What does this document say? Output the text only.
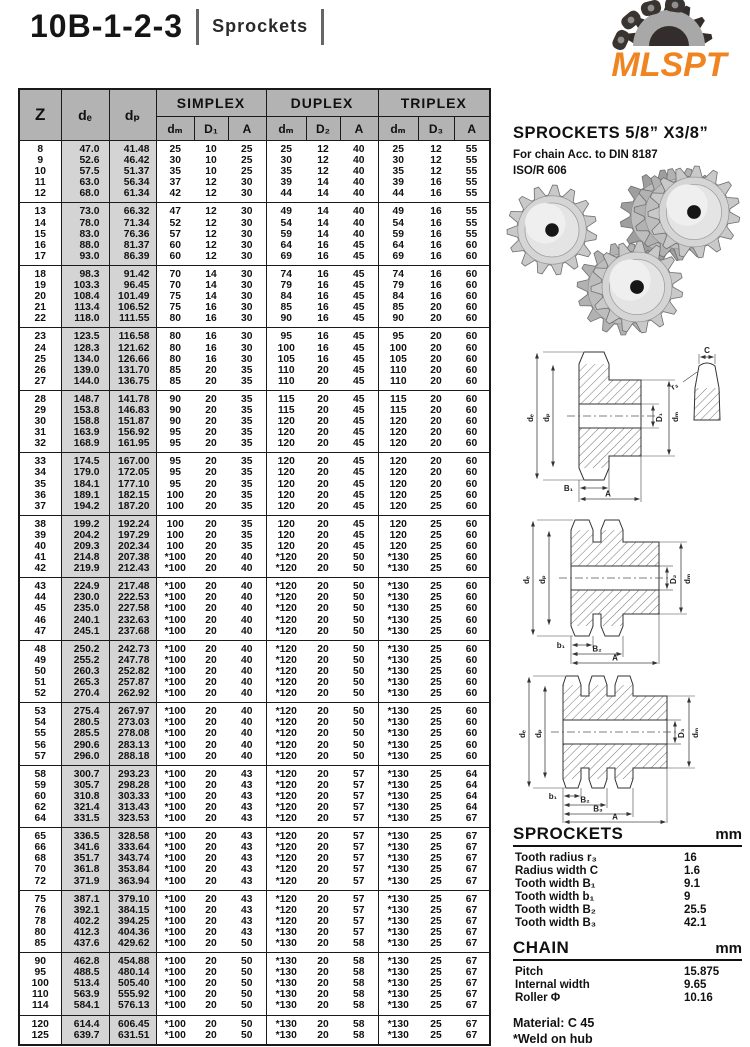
10B-1-2-3 Sprockets
MLSPT
Z	dₑ	dₚ	SIMPLEX			DUPLEX			TRIPLEX		
			dₘ	D₁	A	dₘ	D₂	A	dₘ	D₃	A
8	47.0	41.48	25	10	25	25	12	40	25	12	55
9	52.6	46.42	30	10	25	30	12	40	30	12	55
10	57.5	51.37	35	10	25	35	12	40	35	12	55
11	63.0	56.34	37	12	30	39	14	40	39	16	55
12	68.0	61.34	42	12	30	44	14	40	44	16	55
13	73.0	66.32	47	12	30	49	14	40	49	16	55
14	78.0	71.34	52	12	30	54	14	40	54	16	55
15	83.0	76.36	57	12	30	59	14	40	59	16	55
16	88.0	81.37	60	12	30	64	16	45	64	16	60
17	93.0	86.39	60	12	30	69	16	45	69	16	60
18	98.3	91.42	70	14	30	74	16	45	74	16	60
19	103.3	96.45	70	14	30	79	16	45	79	16	60
20	108.4	101.49	75	14	30	84	16	45	84	16	60
21	113.4	106.52	75	16	30	85	16	45	85	20	60
22	118.0	111.55	80	16	30	90	16	45	90	20	60
23	123.5	116.58	80	16	30	95	16	45	95	20	60
24	128.3	121.62	80	16	30	100	16	45	100	20	60
25	134.0	126.66	80	16	30	105	16	45	105	20	60
26	139.0	131.70	85	20	35	110	20	45	110	20	60
27	144.0	136.75	85	20	35	110	20	45	110	20	60
28	148.7	141.78	90	20	35	115	20	45	115	20	60
29	153.8	146.83	90	20	35	115	20	45	115	20	60
30	158.8	151.87	90	20	35	120	20	45	120	20	60
31	163.9	156.92	95	20	35	120	20	45	120	20	60
32	168.9	161.95	95	20	35	120	20	45	120	20	60
33	174.5	167.00	95	20	35	120	20	45	120	20	60
34	179.0	172.05	95	20	35	120	20	45	120	20	60
35	184.1	177.10	95	20	35	120	20	45	120	20	60
36	189.1	182.15	100	20	35	120	20	45	120	25	60
37	194.2	187.20	100	20	35	120	20	45	120	25	60
38	199.2	192.24	100	20	35	120	20	45	120	25	60
39	204.2	197.29	100	20	35	120	20	45	120	25	60
40	209.3	202.34	100	20	35	120	20	45	120	25	60
41	214.8	207.38	*100	20	40	*120	20	50	*130	25	60
42	219.9	212.43	*100	20	40	*120	20	50	*130	25	60
43	224.9	217.48	*100	20	40	*120	20	50	*130	25	60
44	230.0	222.53	*100	20	40	*120	20	50	*130	25	60
45	235.0	227.58	*100	20	40	*120	20	50	*130	25	60
46	240.1	232.63	*100	20	40	*120	20	50	*130	25	60
47	245.1	237.68	*100	20	40	*120	20	50	*130	25	60
48	250.2	242.73	*100	20	40	*120	20	50	*130	25	60
49	255.2	247.78	*100	20	40	*120	20	50	*130	25	60
50	260.3	252.82	*100	20	40	*120	20	50	*130	25	60
51	265.3	257.87	*100	20	40	*120	20	50	*130	25	60
52	270.4	262.92	*100	20	40	*120	20	50	*130	25	60
53	275.4	267.97	*100	20	40	*120	20	50	*130	25	60
54	280.5	273.03	*100	20	40	*120	20	50	*130	25	60
55	285.5	278.08	*100	20	40	*120	20	50	*130	25	60
56	290.6	283.13	*100	20	40	*120	20	50	*130	25	60
57	296.0	288.18	*100	20	40	*120	20	50	*130	25	60
58	300.7	293.23	*100	20	43	*120	20	57	*130	25	64
59	305.7	298.28	*100	20	43	*120	20	57	*130	25	64
60	310.8	303.33	*100	20	43	*120	20	57	*130	25	64
62	321.4	313.43	*100	20	43	*120	20	57	*130	25	64
64	331.5	323.53	*100	20	43	*120	20	57	*130	25	67
65	336.5	328.58	*100	20	43	*120	20	57	*130	25	67
66	341.6	333.64	*100	20	43	*120	20	57	*130	25	67
68	351.7	343.74	*100	20	43	*120	20	57	*130	25	67
70	361.8	353.84	*100	20	43	*120	20	57	*130	25	67
72	371.9	363.94	*100	20	43	*120	20	57	*130	25	67
75	387.1	379.10	*100	20	43	*120	20	57	*130	25	67
76	392.1	384.15	*100	20	43	*120	20	57	*130	25	67
78	402.2	394.25	*100	20	43	*120	20	57	*130	25	67
80	412.3	404.36	*100	20	43	*130	20	57	*130	25	67
85	437.6	429.62	*100	20	50	*130	20	58	*130	25	67
90	462.8	454.88	*100	20	50	*130	20	58	*130	25	67
95	488.5	480.14	*100	20	50	*130	20	58	*130	25	67
100	513.4	505.40	*100	20	50	*130	20	58	*130	25	67
110	563.9	555.92	*100	20	50	*130	20	58	*130	25	67
114	584.1	576.13	*100	20	50	*130	20	58	*130	25	67
120	614.4	606.45	*100	20	50	*130	20	58	*130	25	67
125	639.7	631.51	*100	20	50	*130	20	58	*130	25	67
SPROCKETS 5/8” X3/8”
For chain Acc. to DIN 8187
ISO/R 606
dₑ dₚ	D₁ dₘ
B₁
A
C
r₃
dₑ dₚ	D₂ dₘ
b₁	B₂
A
dₑ dₚ	D₃ dₘ
b₁	B₂
B₃
A
SPROCKETS	mm
Tooth radius r₃	16
Radius width C	1.6
Tooth width B₁	9.1
Tooth width b₁	9
Tooth width B₂	25.5
Tooth width B₃	42.1
CHAIN	mm
Pitch	15.875
Internal width	9.65
Roller Φ	10.16
Material: C 45
*Weld on hub
